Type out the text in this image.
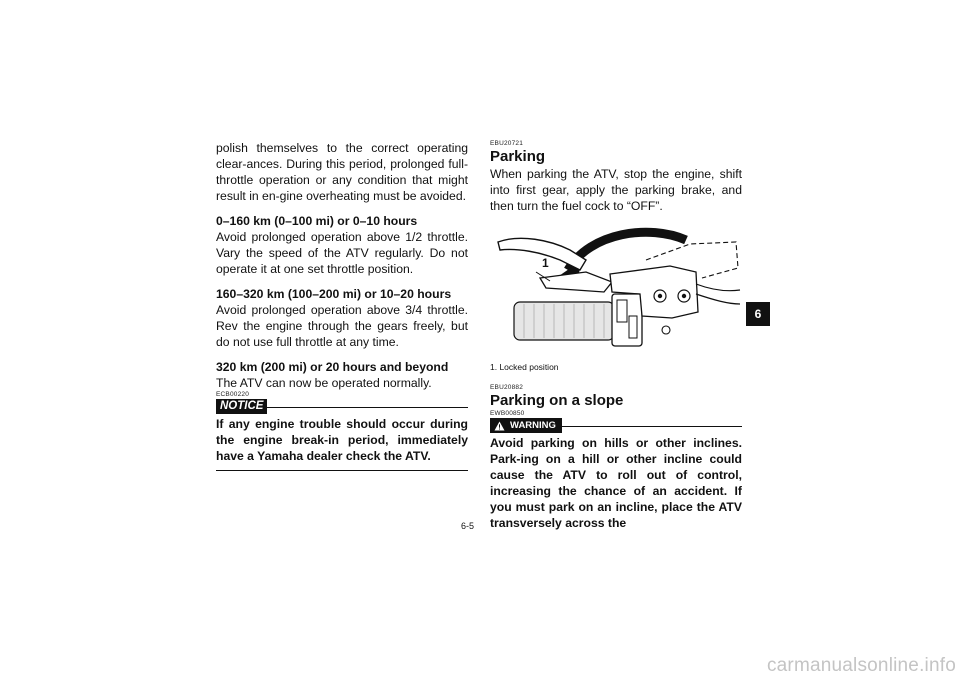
polish themselves to the correct operating clear-ances. During this period, prolonged full-throttle operation or any condition that might result in en-gine overheating must be avoided.

0–160 km (0–100 mi) or 0–10 hours

Avoid prolonged operation above 1/2 throttle. Vary the speed of the ATV regularly. Do not operate it at one set throttle position.

160–320 km (100–200 mi) or 10–20 hours

Avoid prolonged operation above 3/4 throttle. Rev the engine through the gears freely, but do not use full throttle at any time.

320 km (200 mi) or 20 hours and beyond

The ATV can now be operated normally.

ECB00220
NOTICE

If any engine trouble should occur during the engine break-in period, immediately have a Yamaha dealer check the ATV.

EBU20721

Parking

When parking the ATV, stop the engine, shift into first gear, apply the parking brake, and then turn the fuel cock to “OFF”.

1
1. Locked position
EBU20882

Parking on a slope

EWB00850
WARNING

Avoid parking on hills or other inclines. Park-ing on a hill or other incline could cause the ATV to roll out of control, increasing the chance of an accident. If you must park on an incline, place the ATV transversely across the

6-5
6
carmanualsonline.info
